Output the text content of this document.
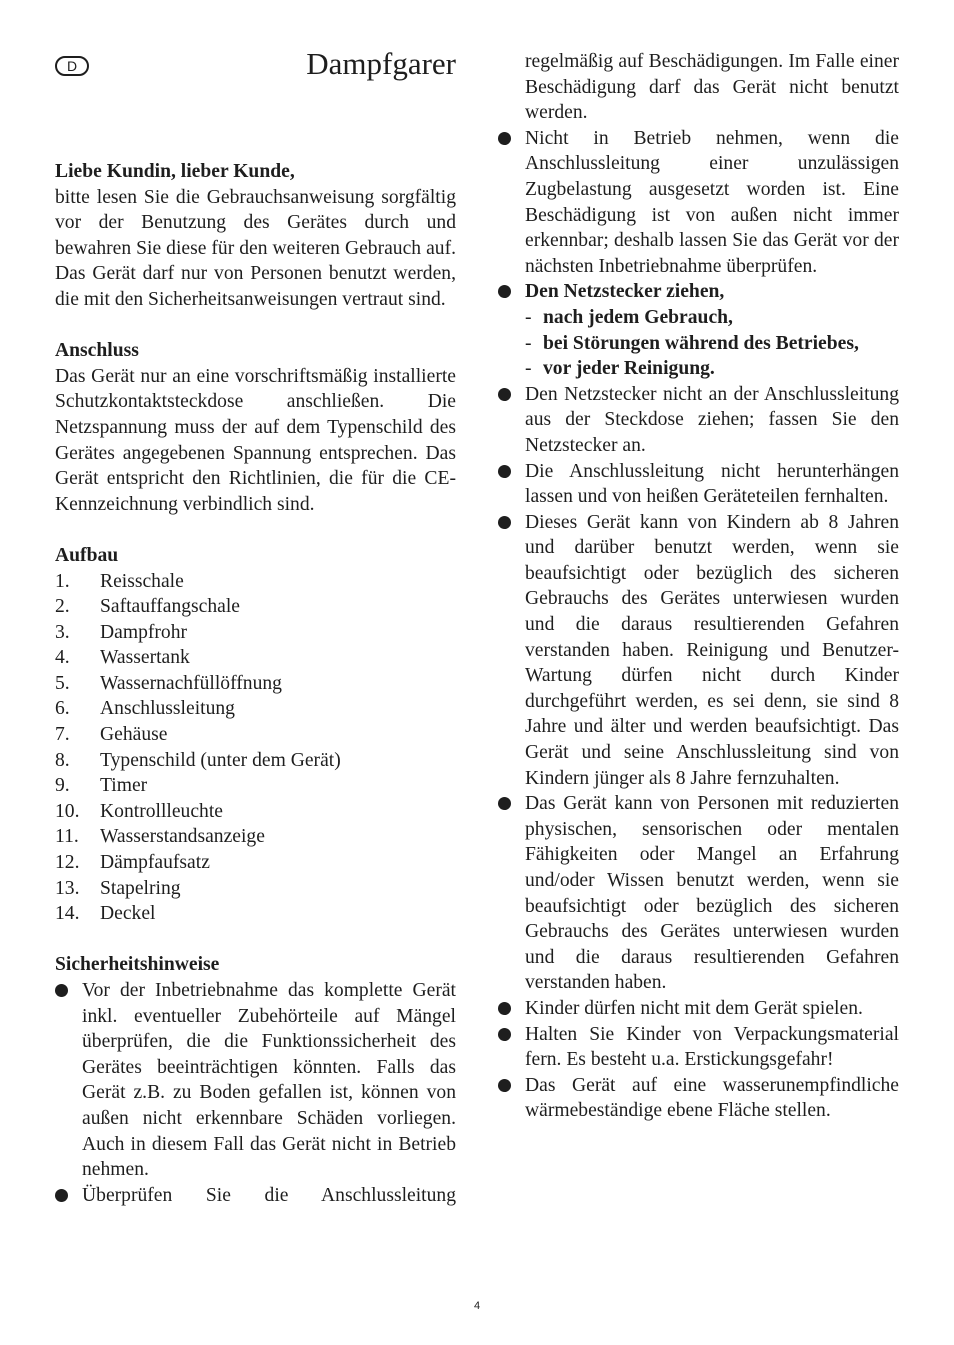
D	Dampfgarer

Liebe Kundin, lieber Kunde,

bitte lesen Sie die Gebrauchsanweisung sorgfältig vor der Benutzung des Gerätes durch und bewahren Sie diese für den weiteren Gebrauch auf. Das Gerät darf nur von Personen benutzt werden, die mit den Sicherheitsanweisungen vertraut sind.

Anschluss

Das Gerät nur an eine vorschriftsmäßig installierte Schutzkontaktsteckdose anschließen. Die Netzspannung muss der auf dem Typenschild des Gerätes angegebenen Spannung entsprechen. Das Gerät entspricht den Richtlinien, die für die CE-Kennzeichnung verbindlich sind.

Aufbau

1.	Reisschale
2.	Saftauffangschale
3.	Dampfrohr
4.	Wassertank
5.	Wassernachfüllöffnung
6.	Anschlussleitung
7.	Gehäuse
8.	Typenschild (unter dem Gerät)
9.	Timer
10.	Kontrollleuchte
11.	Wasserstandsanzeige
12.	Dämpfaufsatz
13.	Stapelring
14.	Deckel

Sicherheitshinweise

Vor der Inbetriebnahme das komplette Gerät inkl. eventueller Zubehörteile auf Mängel überprüfen, die die Funktionssicherheit des Gerätes beeinträchtigen könnten. Falls das Gerät z.B. zu Boden gefallen ist, können von außen nicht erkennbare Schäden vorliegen. Auch in diesem Fall das Gerät nicht in Betrieb nehmen.
Überprüfen Sie die Anschlussleitung

regelmäßig auf Beschädigungen. Im Falle einer Beschädigung darf das Gerät nicht benutzt werden.

Nicht in Betrieb nehmen, wenn die Anschlussleitung einer unzulässigen Zugbelastung ausgesetzt worden ist. Eine Beschädigung ist von außen nicht immer erkennbar; deshalb lassen Sie das Gerät vor der nächsten Inbetriebnahme überprüfen.
Den Netzstecker ziehen,
- nach jedem Gebrauch,
- bei Störungen während des Betriebes,
- vor jeder Reinigung.
Den Netzstecker nicht an der Anschlussleitung aus der Steckdose ziehen; fassen Sie den Netzstecker an.
Die Anschlussleitung nicht herunterhängen lassen und von heißen Geräteteilen fernhalten.
Dieses Gerät kann von Kindern ab 8 Jahren und darüber benutzt werden, wenn sie beaufsichtigt oder bezüglich des sicheren Gebrauchs des Gerätes unterwiesen wurden und die daraus resultierenden Gefahren verstanden haben. Reinigung und Benutzer-Wartung dürfen nicht durch Kinder durchgeführt werden, es sei denn, sie sind 8 Jahre und älter und werden beaufsichtigt. Das Gerät und seine Anschlussleitung sind von Kindern jünger als 8 Jahre fernzuhalten.
Das Gerät kann von Personen mit reduzierten physischen, sensorischen oder mentalen Fähigkeiten oder Mangel an Erfahrung und/oder Wissen benutzt werden, wenn sie beaufsichtigt oder bezüglich des sicheren Gebrauchs des Gerätes unterwiesen wurden und die daraus resultierenden Gefahren verstanden haben.
Kinder dürfen nicht mit dem Gerät spielen.
Halten Sie Kinder von Verpackungsmaterial fern. Es besteht u.a. Erstickungsgefahr!
Das Gerät auf eine wasserunempfindliche wärmebeständige ebene Fläche stellen.
4
